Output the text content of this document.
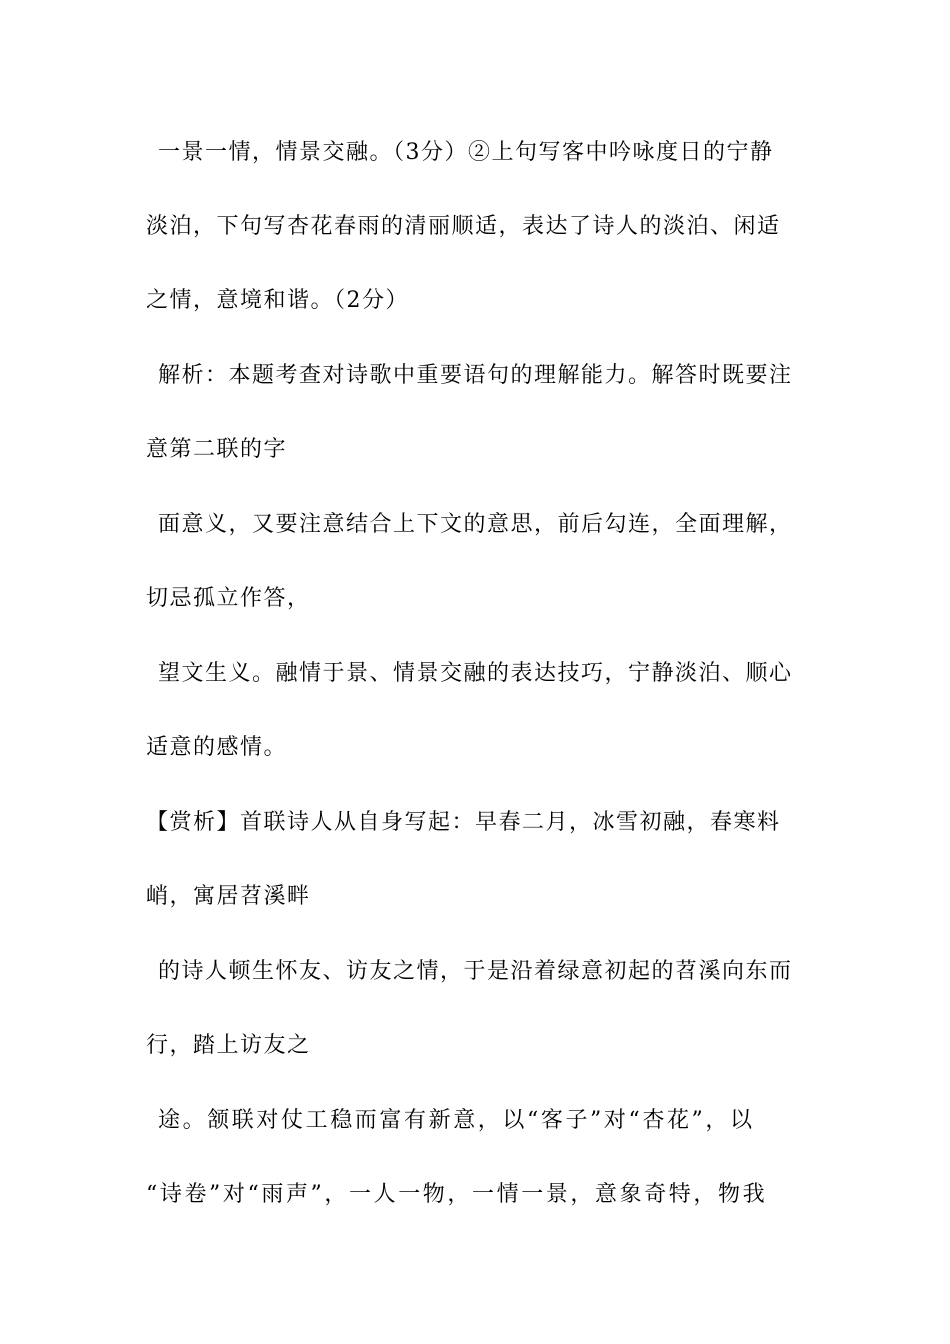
一景一情，情景交融。（3分）②上句写客中吟咏度日的宁静
淡泊，下句写杏花春雨的清丽顺适，表达了诗人的淡泊、闲适
之情，意境和谐。（2分）
解析：本题考查对诗歌中重要语句的理解能力。解答时既要注
意第二联的字
面意义，又要注意结合上下文的意思，前后勾连，全面理解，
切忌孤立作答，
望文生义。融情于景、情景交融的表达技巧，宁静淡泊、顺心
适意的感情。
【赏析】首联诗人从自身写起：早春二月，冰雪初融，春寒料
峭，寓居苕溪畔
的诗人顿生怀友、访友之情，于是沿着绿意初起的苕溪向东而
行，踏上访友之
途。颔联对仗工稳而富有新意，以“客子”对“杏花”，以
“诗卷”对“雨声”，一人一物，一情一景，意象奇特，物我
